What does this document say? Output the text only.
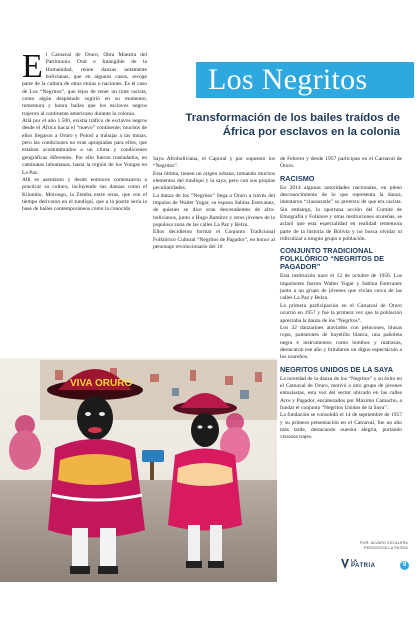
Los Negritos
Transformación de los bailes traídos de África por esclavos en la colonia

El Carnaval de Oruro, Obra Maestra del Patrimonio Oral e Intangible de la Humanidad, reúne danzas netamente bolivianas, que en algunos casos, recoge parte de la cultura de otras etnias o naciones. Es el caso de Los “Negritos”, que lejos de tener un tinte racista, como algún despistado sugirió en su momento, rememora y honra bailes que los esclavos negros trajeron al continente americano durante la colonia.

Allá por el año 1.500, existía tráfico de esclavos negros desde el África hacia el “nuevo” continente; muchos de ellos llegaron a Oruro y Potosí a trabajar a las minas, pero las condiciones no eran apropiadas para ellos, que estaban acostumbrados a un clima y condiciones geográficas diferentes. Por ello fueron trasladados, en caminatas inhumanas, hasta la región de los Yungas en La Paz.

Allí se asentaron y desde entonces comenzaron a practicar su cultura, incluyendo sus danzas como el Kilombo, Morongo, la Zemba entre otras, que con el tiempo derivaron en el tundiqui, que a la postre sería la base de bailes contemporáneos como la conocida

Saya Afroboliviana, el Caporal y por supuesto los “Negritos”.

Esta última, tienen un origen urbano, tomando muchos elementos del tundiqui y la saya, pero con sus propias peculiaridades.

La danza de los “Negritos” llega a Oruro a través del impulso de Walter Yugar, su esposa Sabina Estevanez, de quienes se dice eran descendientes de afro-bolivianos, junto a Hugo Ramírez y otros jóvenes de la populosa zona de las calles La Paz y Belzu.

Ellos decidieron formar el Conjunto Tradicional Folklórico Cultural “Negritos de Pagador”, en honor al personaje revolucionario del 10

de Febrero y desde 1957 participan en el Carnaval de Oruro.

RACISMO

En 2014 algunas autoridades nacionales, en pleno desconocimiento de lo que representa la danza, intentaron “clausurarla” so pretexto de que era racista. Sin embargo, la oportuna acción del Comité de Etnografía y Folklore y otras instituciones orureñas, se aclaró que esta especialidad en realidad rememora parte de la historia de Bolivia y no busca olvidar ni ridiculizar a ningún grupo o población.

CONJUNTO TRADICIONAL FOLKLÓRICO “NEGRITOS DE PAGADOR”

Esta institución nace el 12 de octubre de 1956. Los impulsores fueron Walter Yugar y Sabina Estevanez junto a un grupo de jóvenes que vivían cerca de las calles La Paz y Belzu.

La primera participación en el Carnaval de Oruro ocurrió en 1957 y fue la primera vez que la población apreciaba la danza de los “Negritos”.

Los 32 danzarines atavíados con pelucones, blusas rojas, pantalones de bayetilla blanca, una pañoleta negra e instrumentos como bombos y matracas, destacaron ese año y brindaron un digno espectáculo a los orureños.

NEGRITOS UNIDOS DE LA SAYA

La novedad de la danza de los “Negritos” y su éxito en el Carnaval de Oruro, motivó a otro grupo de jóvenes entusiastas, esta vez del sector ubicado en las calles Arce y Pagador, encabezados por Máximo Camacho, a fundar el conjunto “Negritos Unidos de la Saya”.

La fundación se consolidó el 14 de septiembre de 1957 y su primera presentación en el Carnaval, fue un año más tarde, destacando nuestra alegría, portando vistosos trajes.

VIVA ORURO
POR: ÁLVARO ESCALERA
PERIODISTA LA PATRIA
LA
PATRIA	9
